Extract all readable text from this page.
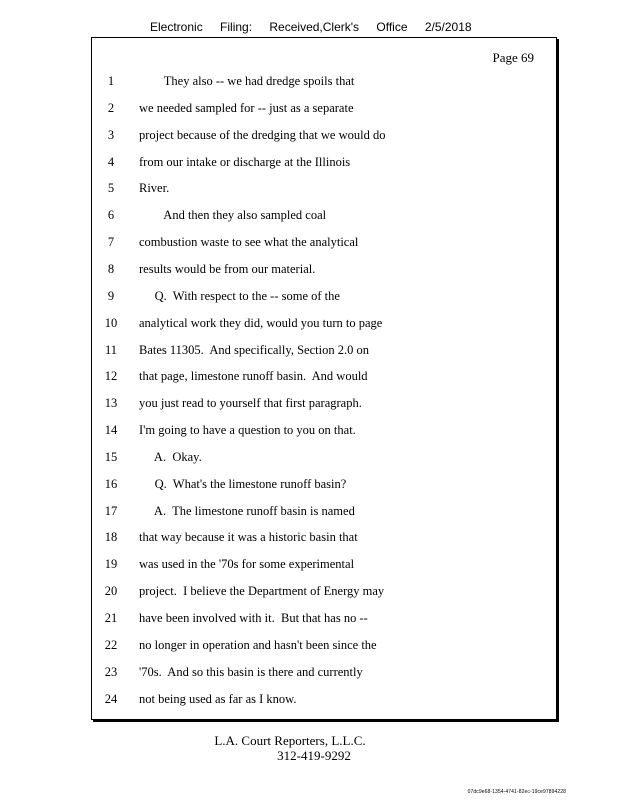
Electronic Filing: Received,Clerk's Office 2/5/2018
Page 69
1	They also -- we had dredge spoils that
2	we needed sampled for -- just as a separate
3	project because of the dredging that we would do
4	from our intake or discharge at the Illinois
5	River.
6	And then they also sampled coal
7	combustion waste to see what the analytical
8	results would be from our material.
9	Q.  With respect to the -- some of the
10	analytical work they did, would you turn to page
11	Bates 11305.  And specifically, Section 2.0 on
12	that page, limestone runoff basin.  And would
13	you just read to yourself that first paragraph.
14	I'm going to have a question to you on that.
15	A.  Okay.
16	Q.  What's the limestone runoff basin?
17	A.  The limestone runoff basin is named
18	that way because it was a historic basin that
19	was used in the '70s for some experimental
20	project.  I believe the Department of Energy may
21	have been involved with it.  But that has no --
22	no longer in operation and hasn't been since the
23	'70s.  And so this basin is there and currently
24	not being used as far as I know.
L.A. Court Reporters, L.L.C.
312-419-9292
07dc9e68-1354-4741-82ec-19ce97894228
